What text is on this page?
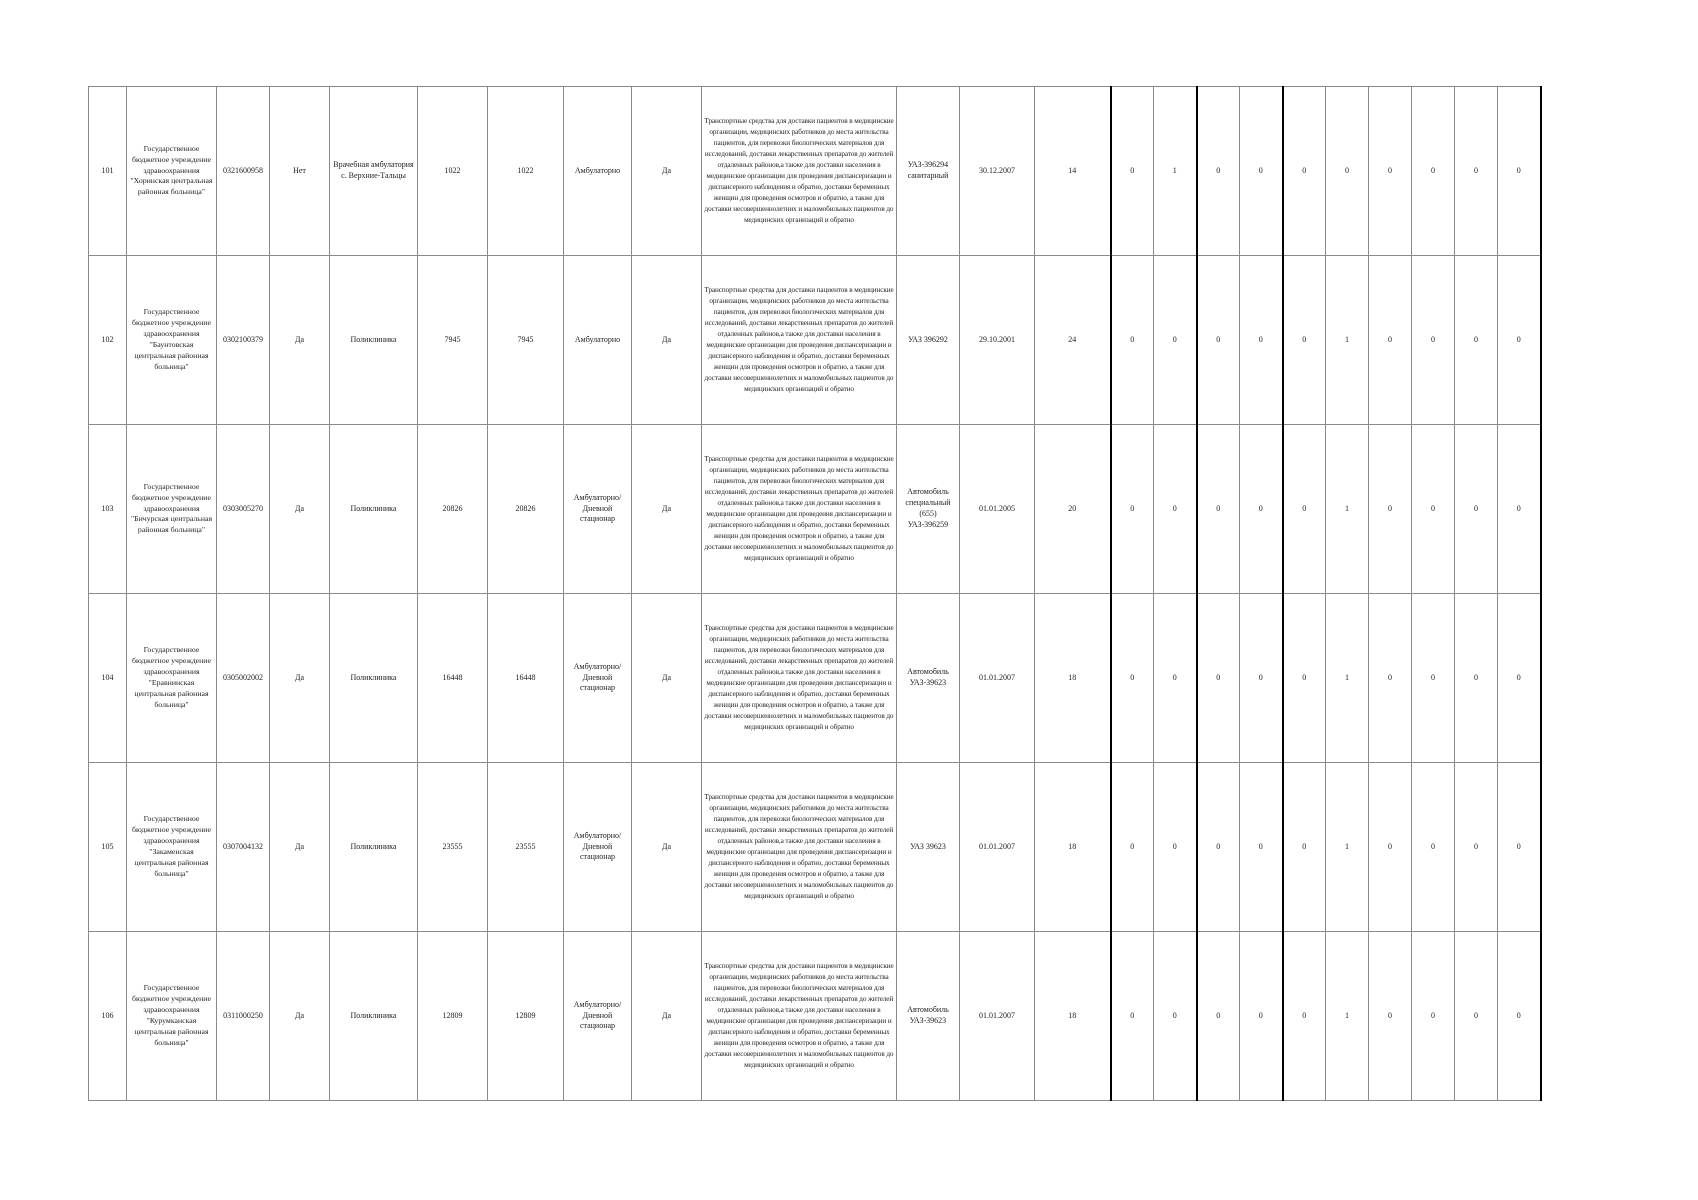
101	Государственное бюджетное учреждение здравоохранения "Хоринская центральная районная больница"	0321600958	Нет	Врачебная амбулатория с. Верхние-Тальцы	1022	1022	Амбулаторно	Да	Транспортные средства для доставки пациентов в медицинские организации, медицинских работников до места жительства пациентов, для перевозки биологических материалов для исследований, доставки лекарственных препаратов до жителей отдаленных районов,а также для доставки населения в медицинские организации для проведения диспансеризации и диспансерного наблюдения и обратно, доставки беременных женщин для проведения осмотров и обратно, а также для доставки несовершеннолетних и маломобильных пациентов до медицинских организаций и обратно	УАЗ-396294 санитарный	30.12.2007	14	0	1	0	0	0	0	0	0	0	0
102	Государственное бюджетное учреждение здравоохранения "Баунтовская центральная районная больница"	0302100379	Да	Поликлиника	7945	7945	Амбулаторно	Да	Транспортные средства для доставки пациентов в медицинские организации, медицинских работников до места жительства пациентов, для перевозки биологических материалов для исследований, доставки лекарственных препаратов до жителей отдаленных районов,а также для доставки населения в медицинские организации для проведения диспансеризации и диспансерного наблюдения и обратно, доставки беременных женщин для проведения осмотров и обратно, а также для доставки несовершеннолетних и маломобильных пациентов до медицинских организаций и обратно	УАЗ 396292	29.10.2001	24	0	0	0	0	0	1	0	0	0	0
103	Государственное бюджетное учреждение здравоохранения "Бичурская центральная районная больница"	0303005270	Да	Поликлиника	20826	20826	Амбулаторно/Дневной стационар	Да	Транспортные средства для доставки пациентов в медицинские организации, медицинских работников до места жительства пациентов, для перевозки биологических материалов для исследований, доставки лекарственных препаратов до жителей отдаленных районов,а также для доставки населения в медицинские организации для проведения диспансеризации и диспансерного наблюдения и обратно, доставки беременных женщин для проведения осмотров и обратно, а также для доставки несовершеннолетних и маломобильных пациентов до медицинских организаций и обратно	Автомобиль специальный (655) УАЗ-396259	01.01.2005	20	0	0	0	0	0	1	0	0	0	0
104	Государственное бюджетное учреждение здравоохранения "Еравнинская центральная районная больница"	0305002002	Да	Поликлиника	16448	16448	Амбулаторно/Дневной стационар	Да	Транспортные средства для доставки пациентов в медицинские организации, медицинских работников до места жительства пациентов, для перевозки биологических материалов для исследований, доставки лекарственных препаратов до жителей отдаленных районов,а также для доставки населения в медицинские организации для проведения диспансеризации и диспансерного наблюдения и обратно, доставки беременных женщин для проведения осмотров и обратно, а также для доставки несовершеннолетних и маломобильных пациентов до медицинских организаций и обратно	Автомобиль УАЗ-39623	01.01.2007	18	0	0	0	0	0	1	0	0	0	0
105	Государственное бюджетное учреждение здравоохранения "Закаменская центральная районная больница"	0307004132	Да	Поликлиника	23555	23555	Амбулаторно/Дневной стационар	Да	Транспортные средства для доставки пациентов в медицинские организации, медицинских работников до места жительства пациентов, для перевозки биологических материалов для исследований, доставки лекарственных препаратов до жителей отдаленных районов,а также для доставки населения в медицинские организации для проведения диспансеризации и диспансерного наблюдения и обратно, доставки беременных женщин для проведения осмотров и обратно, а также для доставки несовершеннолетних и маломобильных пациентов до медицинских организаций и обратно	УАЗ 39623	01.01.2007	18	0	0	0	0	0	1	0	0	0	0
106	Государственное бюджетное учреждение здравоохранения "Курумканская центральная районная больница"	0311000250	Да	Поликлиника	12809	12809	Амбулаторно/Дневной стационар	Да	Транспортные средства для доставки пациентов в медицинские организации, медицинских работников до места жительства пациентов, для перевозки биологических материалов для исследований, доставки лекарственных препаратов до жителей отдаленных районов,а также для доставки населения в медицинские организации для проведения диспансеризации и диспансерного наблюдения и обратно, доставки беременных женщин для проведения осмотров и обратно, а также для доставки несовершеннолетних и маломобильных пациентов до медицинских организаций и обратно	Автомобиль УАЗ-39623	01.01.2007	18	0	0	0	0	0	1	0	0	0	0
